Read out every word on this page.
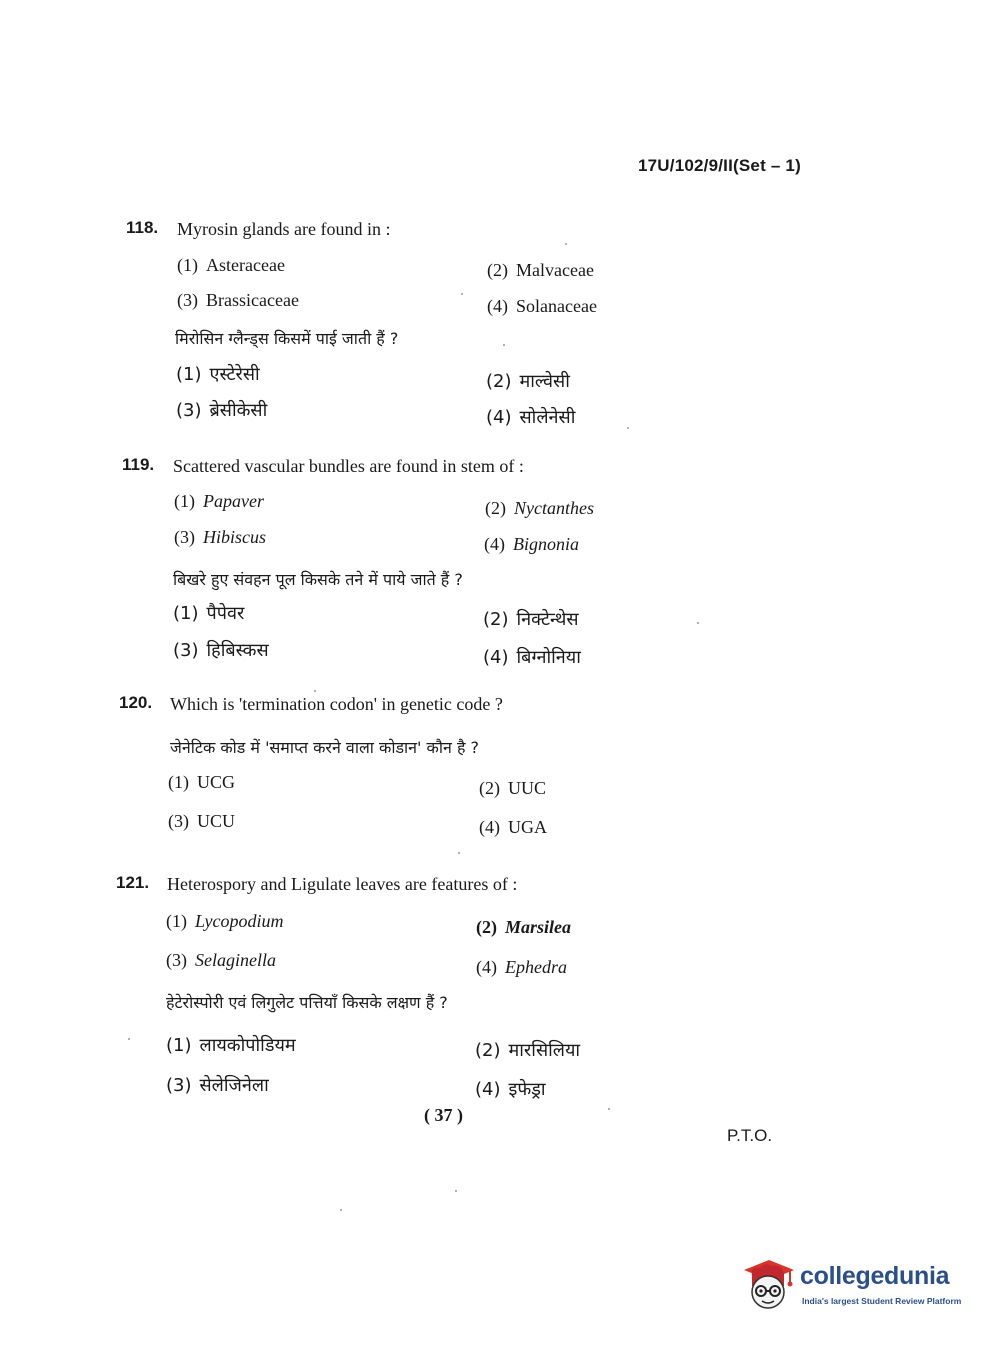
17U/102/9/II(Set – 1)
118. Myrosin glands are found in :
(1) Asteraceae	(2) Malvaceae
(3) Brassicaceae	(4) Solanaceae
मिरोसिन ग्लैन्ड्स किसमें पाई जाती हैं ?
(1) एस्टेरेसी	(2) माल्वेसी
(3) ब्रेसीकेसी	(4) सोलेनेसी
119. Scattered vascular bundles are found in stem of :
(1) Papaver	(2) Nyctanthes
(3) Hibiscus	(4) Bignonia
बिखरे हुए संवहन पूल किसके तने में पाये जाते हैं ?
(1) पैपेवर	(2) निक्टेन्थेस
(3) हिबिस्कस	(4) बिग्नोनिया
120. Which is 'termination codon' in genetic code ?
जेनेटिक कोड में 'समाप्त करने वाला कोडान' कौन है ?
(1) UCG	(2) UUC
(3) UCU	(4) UGA
121. Heterospory and Ligulate leaves are features of :
(1) Lycopodium	(2) Marsilea
(3) Selaginella	(4) Ephedra
हेटेरोस्पोरी एवं लिगुलेट पत्तियाँ किसके लक्षण हैं ?
(1) लायकोपोडियम	(2) मारसिलिया
(3) सेलेजिनेला	(4) इफेड्रा
( 37 )
P.T.O.
collegedunia
India's largest Student Review Platform
